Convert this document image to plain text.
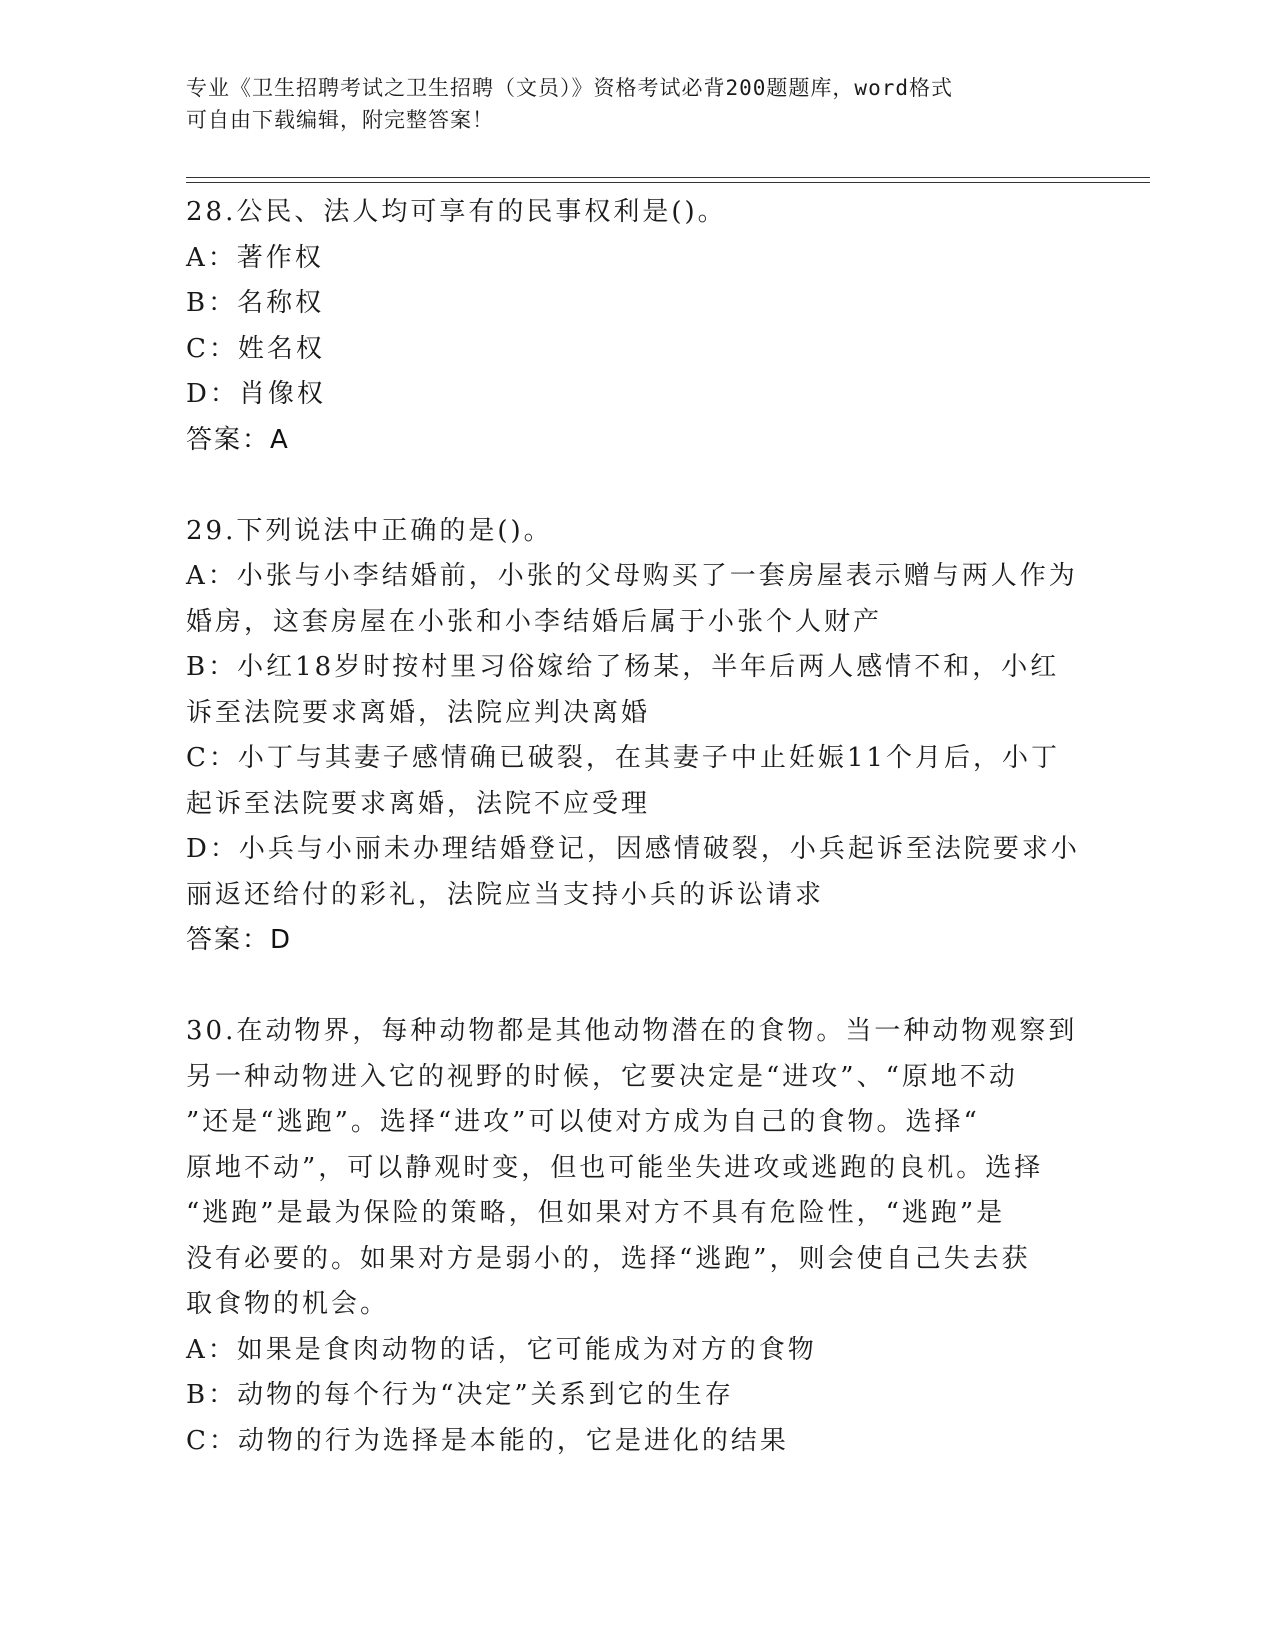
专业《卫生招聘考试之卫生招聘（文员）》资格考试必背200题题库，word格式
可自由下载编辑，附完整答案！
28.公民、法人均可享有的民事权利是()。
A：著作权
B：名称权
C：姓名权
D：肖像权
答案：A
29.下列说法中正确的是()。
A：小张与小李结婚前，小张的父母购买了一套房屋表示赠与两人作为
婚房，这套房屋在小张和小李结婚后属于小张个人财产
B：小红18岁时按村里习俗嫁给了杨某，半年后两人感情不和，小红
诉至法院要求离婚，法院应判决离婚
C：小丁与其妻子感情确已破裂，在其妻子中止妊娠11个月后，小丁
起诉至法院要求离婚，法院不应受理
D：小兵与小丽未办理结婚登记，因感情破裂，小兵起诉至法院要求小
丽返还给付的彩礼，法院应当支持小兵的诉讼请求
答案：D
30.在动物界，每种动物都是其他动物潜在的食物。当一种动物观察到
另一种动物进入它的视野的时候，它要决定是“进攻”、“原地不动
”还是“逃跑”。选择“进攻”可以使对方成为自己的食物。选择“
原地不动”，可以静观时变，但也可能坐失进攻或逃跑的良机。选择
“逃跑”是最为保险的策略，但如果对方不具有危险性，“逃跑”是
没有必要的。如果对方是弱小的，选择“逃跑”，则会使自己失去获
取食物的机会。
A：如果是食肉动物的话，它可能成为对方的食物
B：动物的每个行为“决定”关系到它的生存
C：动物的行为选择是本能的，它是进化的结果
